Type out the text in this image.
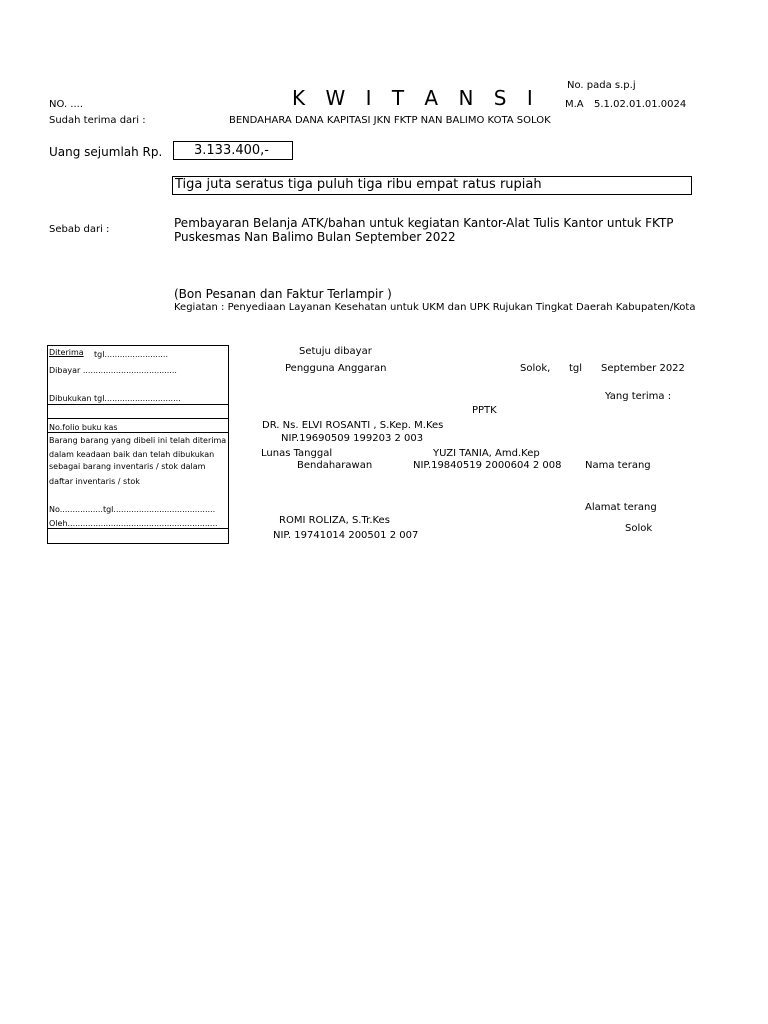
No. pada s.p.j
K W I T A N S I
NO. ....	M.A 5.1.02.01.01.0024
Sudah terima dari :	BENDAHARA DANA KAPITASI JKN FKTP NAN BALIMO KOTA SOLOK
Uang sejumlah Rp. 3.133.400,-
Tiga juta seratus tiga puluh tiga ribu empat ratus rupiah
Sebab dari :	Pembayaran Belanja ATK/bahan untuk kegiatan Kantor-Alat Tulis Kantor untuk FKTP
Puskesmas Nan Balimo Bulan September 2022
(Bon Pesanan dan Faktur Terlampir )
Kegiatan : Penyediaan Layanan Kesehatan untuk UKM dan UPK Rujukan Tingkat Daerah Kabupaten/Kota
Diterima tgl.........................
Dibayar .....................................
Dibukukan tgl..............................
No.folio buku kas
Barang barang yang dibeli ini telah diterima
dalam keadaan baik dan telah dibukukan
sebagai barang inventaris / stok dalam
daftar inventaris / stok
No.................tgl........................................
Oleh...........................................................
Setuju dibayar
Pengguna Anggaran	Solok, tgl September 2022
Yang terima :
PPTK
DR. Ns. ELVI ROSANTI , S.Kep. M.Kes
NIP.19690509 199203 2 003
Lunas Tanggal	YUZI TANIA, Amd.Kep
Bendaharawan	NIP.19840519 2000604 2 008 Nama terang
Alamat terang
ROMI ROLIZA, S.Tr.Kes
Solok
NIP. 19741014 200501 2 007
